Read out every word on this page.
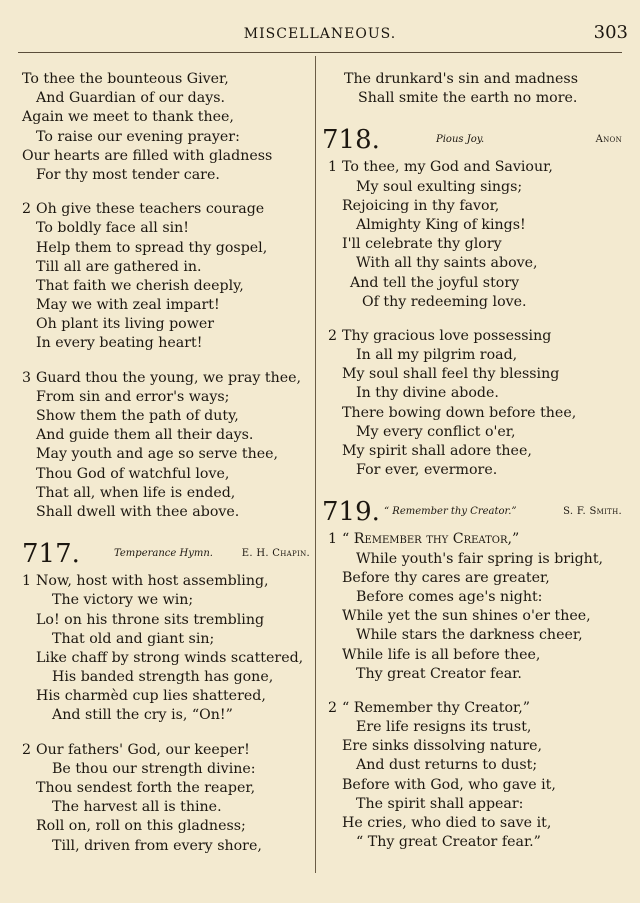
MISCELLANEOUS.	303
To thee the bounteous Giver,
And Guardian of our days.
Again we meet to thank thee,
To raise our evening prayer:
Our hearts are filled with gladness
For thy most tender care.
2 Oh give these teachers courage
To boldly face all sin!
Help them to spread thy gospel,
Till all are gathered in.
That faith we cherish deeply,
May we with zeal impart!
Oh plant its living power
In every beating heart!
3 Guard thou the young, we pray thee,
From sin and error's ways;
Show them the path of duty,
And guide them all their days.
May youth and age so serve thee,
Thou God of watchful love,
That all, when life is ended,
Shall dwell with thee above.
717.	Temperance Hymn.	E. H. Chapin.
1 Now, host with host assembling,
The victory we win;
Lo! on his throne sits trembling
That old and giant sin;
Like chaff by strong winds scattered,
His banded strength has gone,
His charmèd cup lies shattered,
And still the cry is, “On!”
2 Our fathers' God, our keeper!
Be thou our strength divine:
Thou sendest forth the reaper,
The harvest all is thine.
Roll on, roll on this gladness;
Till, driven from every shore,
The drunkard's sin and madness
Shall smite the earth no more.
718.	Pious Joy.	Anon
1 To thee, my God and Saviour,
My soul exulting sings;
Rejoicing in thy favor,
Almighty King of kings!
I'll celebrate thy glory
With all thy saints above,
And tell the joyful story
Of thy redeeming love.
2 Thy gracious love possessing
In all my pilgrim road,
My soul shall feel thy blessing
In thy divine abode.
There bowing down before thee,
My every conflict o'er,
My spirit shall adore thee,
For ever, evermore.
719. “ Remember thy Creator.”	S. F. Smith.
1 “ Remember thy Creator,”
While youth's fair spring is bright,
Before thy cares are greater,
Before comes age's night:
While yet the sun shines o'er thee,
While stars the darkness cheer,
While life is all before thee,
Thy great Creator fear.
2 “ Remember thy Creator,”
Ere life resigns its trust,
Ere sinks dissolving nature,
And dust returns to dust;
Before with God, who gave it,
The spirit shall appear:
He cries, who died to save it,
“ Thy great Creator fear.”
